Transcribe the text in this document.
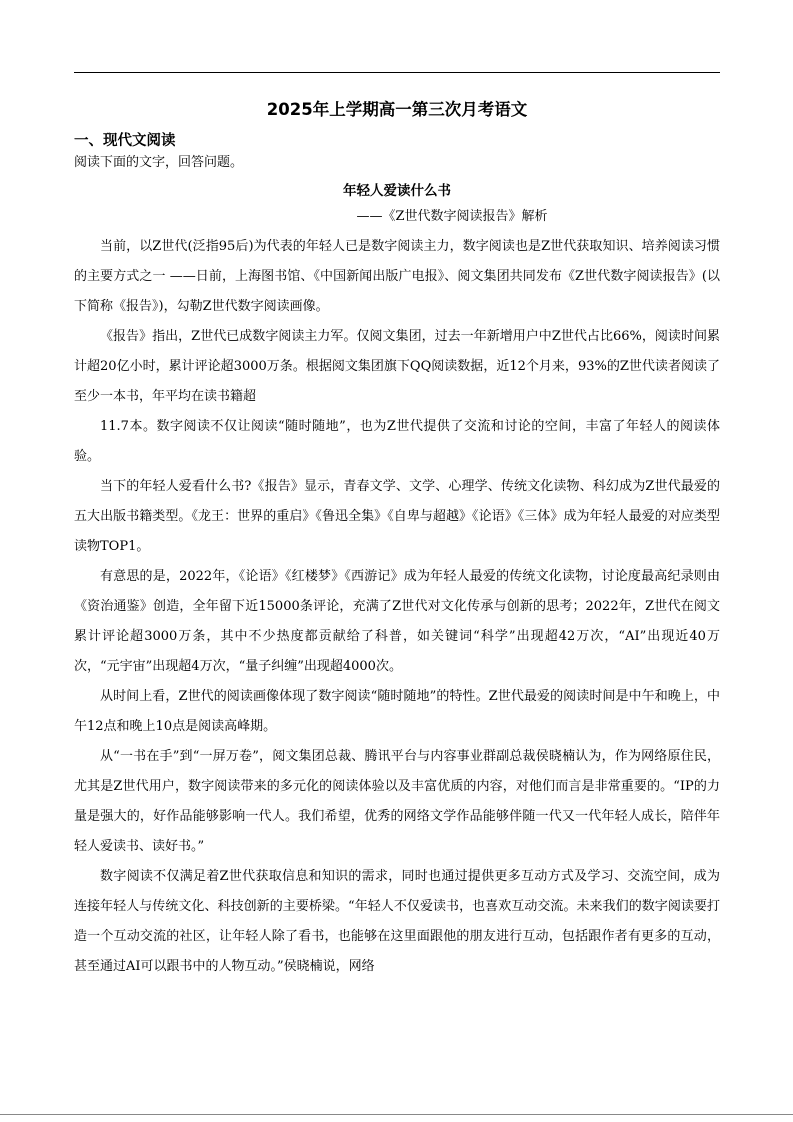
2025年上学期高一第三次月考语文
一、现代文阅读
阅读下面的文字，回答问题。
年轻人爱读什么书
——《Z世代数字阅读报告》解析

当前，以Z世代(泛指95后)为代表的年轻人已是数字阅读主力，数字阅读也是Z世代获取知识、培养阅读习惯的主要方式之一 ——日前，上海图书馆、《中国新闻出版广电报》、阅文集团共同发布《Z世代数字阅读报告》(以下简称《报告》)，勾勒Z世代数字阅读画像。

《报告》指出，Z世代已成数字阅读主力军。仅阅文集团，过去一年新增用户中Z世代占比66%，阅读时间累计超20亿小时，累计评论超3000万条。根据阅文集团旗下QQ阅读数据，近12个月来，93%的Z世代读者阅读了至少一本书，年平均在读书籍超

11.7本。数字阅读不仅让阅读“随时随地”，也为Z世代提供了交流和讨论的空间，丰富了年轻人的阅读体验。

当下的年轻人爱看什么书?《报告》显示，青春文学、文学、心理学、传统文化读物、科幻成为Z世代最爱的五大出版书籍类型。《龙王：世界的重启》《鲁迅全集》《自卑与超越》《论语》《三体》成为年轻人最爱的对应类型读物TOP1。

有意思的是，2022年，《论语》《红楼梦》《西游记》成为年轻人最爱的传统文化读物，讨论度最高纪录则由《资治通鉴》创造，全年留下近15000条评论，充满了Z世代对文化传承与创新的思考；2022年，Z世代在阅文累计评论超3000万条，其中不少热度都贡献给了科普，如关键词“科学”出现超42万次，“AI”出现近40万次，“元宇宙”出现超4万次，“量子纠缠”出现超4000次。

从时间上看，Z世代的阅读画像体现了数字阅读“随时随地”的特性。Z世代最爱的阅读时间是中午和晚上，中午12点和晚上10点是阅读高峰期。

从“一书在手”到“一屏万卷”，阅文集团总裁、腾讯平台与内容事业群副总裁侯晓楠认为，作为网络原住民，尤其是Z世代用户，数字阅读带来的多元化的阅读体验以及丰富优质的内容，对他们而言是非常重要的。“IP的力量是强大的，好作品能够影响一代人。我们希望，优秀的网络文学作品能够伴随一代又一代年轻人成长，陪伴年轻人爱读书、读好书。”

数字阅读不仅满足着Z世代获取信息和知识的需求，同时也通过提供更多互动方式及学习、交流空间，成为连接年轻人与传统文化、科技创新的主要桥梁。“年轻人不仅爱读书，也喜欢互动交流。未来我们的数字阅读要打造一个互动交流的社区，让年轻人除了看书，也能够在这里面跟他的朋友进行互动，包括跟作者有更多的互动，甚至通过AI可以跟书中的人物互动。”侯晓楠说，网络
